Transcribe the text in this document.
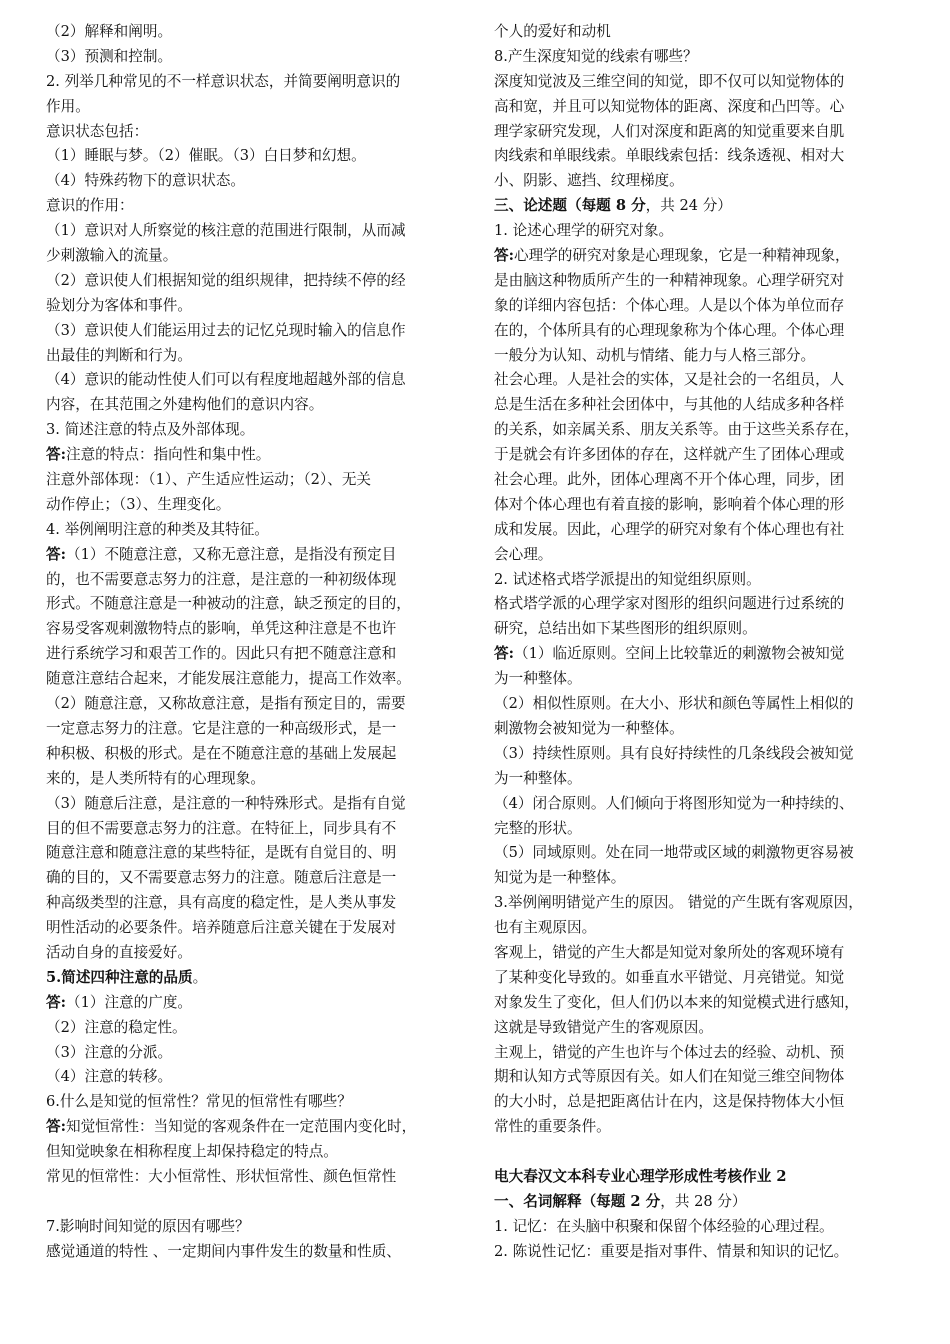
（2）解释和阐明。
（3）预测和控制。
2. 列举几种常见的不一样意识状态，并简要阐明意识的
作用。
意识状态包括：
（1）睡眠与梦。（2）催眠。（3）白日梦和幻想。
（4）特殊药物下的意识状态。
意识的作用：
（1）意识对人所察觉的核注意的范围进行限制，从而减
少刺激输入的流量。
（2）意识使人们根据知觉的组织规律，把持续不停的经
验划分为客体和事件。
（3）意识使人们能运用过去的记忆兑现时输入的信息作
出最佳的判断和行为。
（4）意识的能动性使人们可以有程度地超越外部的信息
内容，在其范围之外建构他们的意识内容。
3. 简述注意的特点及外部体现。
答:注意的特点：指向性和集中性。
注意外部体现：（1）、产生适应性运动；（2）、无关
动作停止；（3）、生理变化。
4. 举例阐明注意的种类及其特征。
答:（1）不随意注意，又称无意注意，是指没有预定目
的，也不需要意志努力的注意，是注意的一种初级体现
形式。不随意注意是一种被动的注意，缺乏预定的目的，
容易受客观刺激物特点的影响，单凭这种注意是不也许
进行系统学习和艰苦工作的。因此只有把不随意注意和
随意注意结合起来，才能发展注意能力，提高工作效率。
（2）随意注意，又称故意注意，是指有预定目的，需要
一定意志努力的注意。它是注意的一种高级形式，是一
种积极、积极的形式。是在不随意注意的基础上发展起
来的，是人类所特有的心理现象。
（3）随意后注意，是注意的一种特殊形式。是指有自觉
目的但不需要意志努力的注意。在特征上，同步具有不
随意注意和随意注意的某些特征，是既有自觉目的、明
确的目的，又不需要意志努力的注意。随意后注意是一
种高级类型的注意，具有高度的稳定性，是人类从事发
明性活动的必要条件。培养随意后注意关键在于发展对
活动自身的直接爱好。
5.简述四种注意的品质。
答:（1）注意的广度。
（2）注意的稳定性。
（3）注意的分派。
（4）注意的转移。
6.什么是知觉的恒常性？常见的恒常性有哪些？
答:知觉恒常性：当知觉的客观条件在一定范围内变化时，
但知觉映象在相称程度上却保持稳定的特点。
常见的恒常性：大小恒常性、形状恒常性、颜色恒常性
7.影响时间知觉的原因有哪些？
感觉通道的特性 、一定期间内事件发生的数量和性质、
个人的爱好和动机
8.产生深度知觉的线索有哪些？
深度知觉波及三维空间的知觉，即不仅可以知觉物体的
高和宽，并且可以知觉物体的距离、深度和凸凹等。心
理学家研究发现，人们对深度和距离的知觉重要来自肌
肉线索和单眼线索。单眼线索包括：线条透视、相对大
小、阴影、遮挡、纹理梯度。
三、论述题（每题 8 分，共 24 分）
1. 论述心理学的研究对象。
答:心理学的研究对象是心理现象，它是一种精神现象，
是由脑这种物质所产生的一种精神现象。心理学研究对
象的详细内容包括：个体心理。人是以个体为单位而存
在的，个体所具有的心理现象称为个体心理。个体心理
一般分为认知、动机与情绪、能力与人格三部分。
社会心理。人是社会的实体，又是社会的一名组员，人
总是生活在多种社会团体中，与其他的人结成多种各样
的关系，如亲属关系、朋友关系等。由于这些关系存在，
于是就会有许多团体的存在，这样就产生了团体心理或
社会心理。此外，团体心理离不开个体心理，同步，团
体对个体心理也有着直接的影响，影响着个体心理的形
成和发展。因此，心理学的研究对象有个体心理也有社
会心理。
2. 试述格式塔学派提出的知觉组织原则。
格式塔学派的心理学家对图形的组织问题进行过系统的
研究，总结出如下某些图形的组织原则。
答:（1）临近原则。空间上比较靠近的刺激物会被知觉
为一种整体。
（2）相似性原则。在大小、形状和颜色等属性上相似的
刺激物会被知觉为一种整体。
（3）持续性原则。具有良好持续性的几条线段会被知觉
为一种整体。
（4）闭合原则。人们倾向于将图形知觉为一种持续的、
完整的形状。
（5）同域原则。处在同一地带或区域的刺激物更容易被
知觉为是一种整体。
3.举例阐明错觉产生的原因。 错觉的产生既有客观原因，
也有主观原因。
客观上，错觉的产生大都是知觉对象所处的客观环境有
了某种变化导致的。如垂直水平错觉、月亮错觉。知觉
对象发生了变化，但人们仍以本来的知觉模式进行感知，
这就是导致错觉产生的客观原因。
主观上，错觉的产生也许与个体过去的经验、动机、预
期和认知方式等原因有关。如人们在知觉三维空间物体
的大小时，总是把距离估计在内，这是保持物体大小恒
常性的重要条件。
电大春汉文本科专业心理学形成性考核作业 2
一、名词解释（每题 2 分，共 28 分）
1. 记忆：在头脑中积聚和保留个体经验的心理过程。
2. 陈说性记忆：重要是指对事件、情景和知识的记忆。
